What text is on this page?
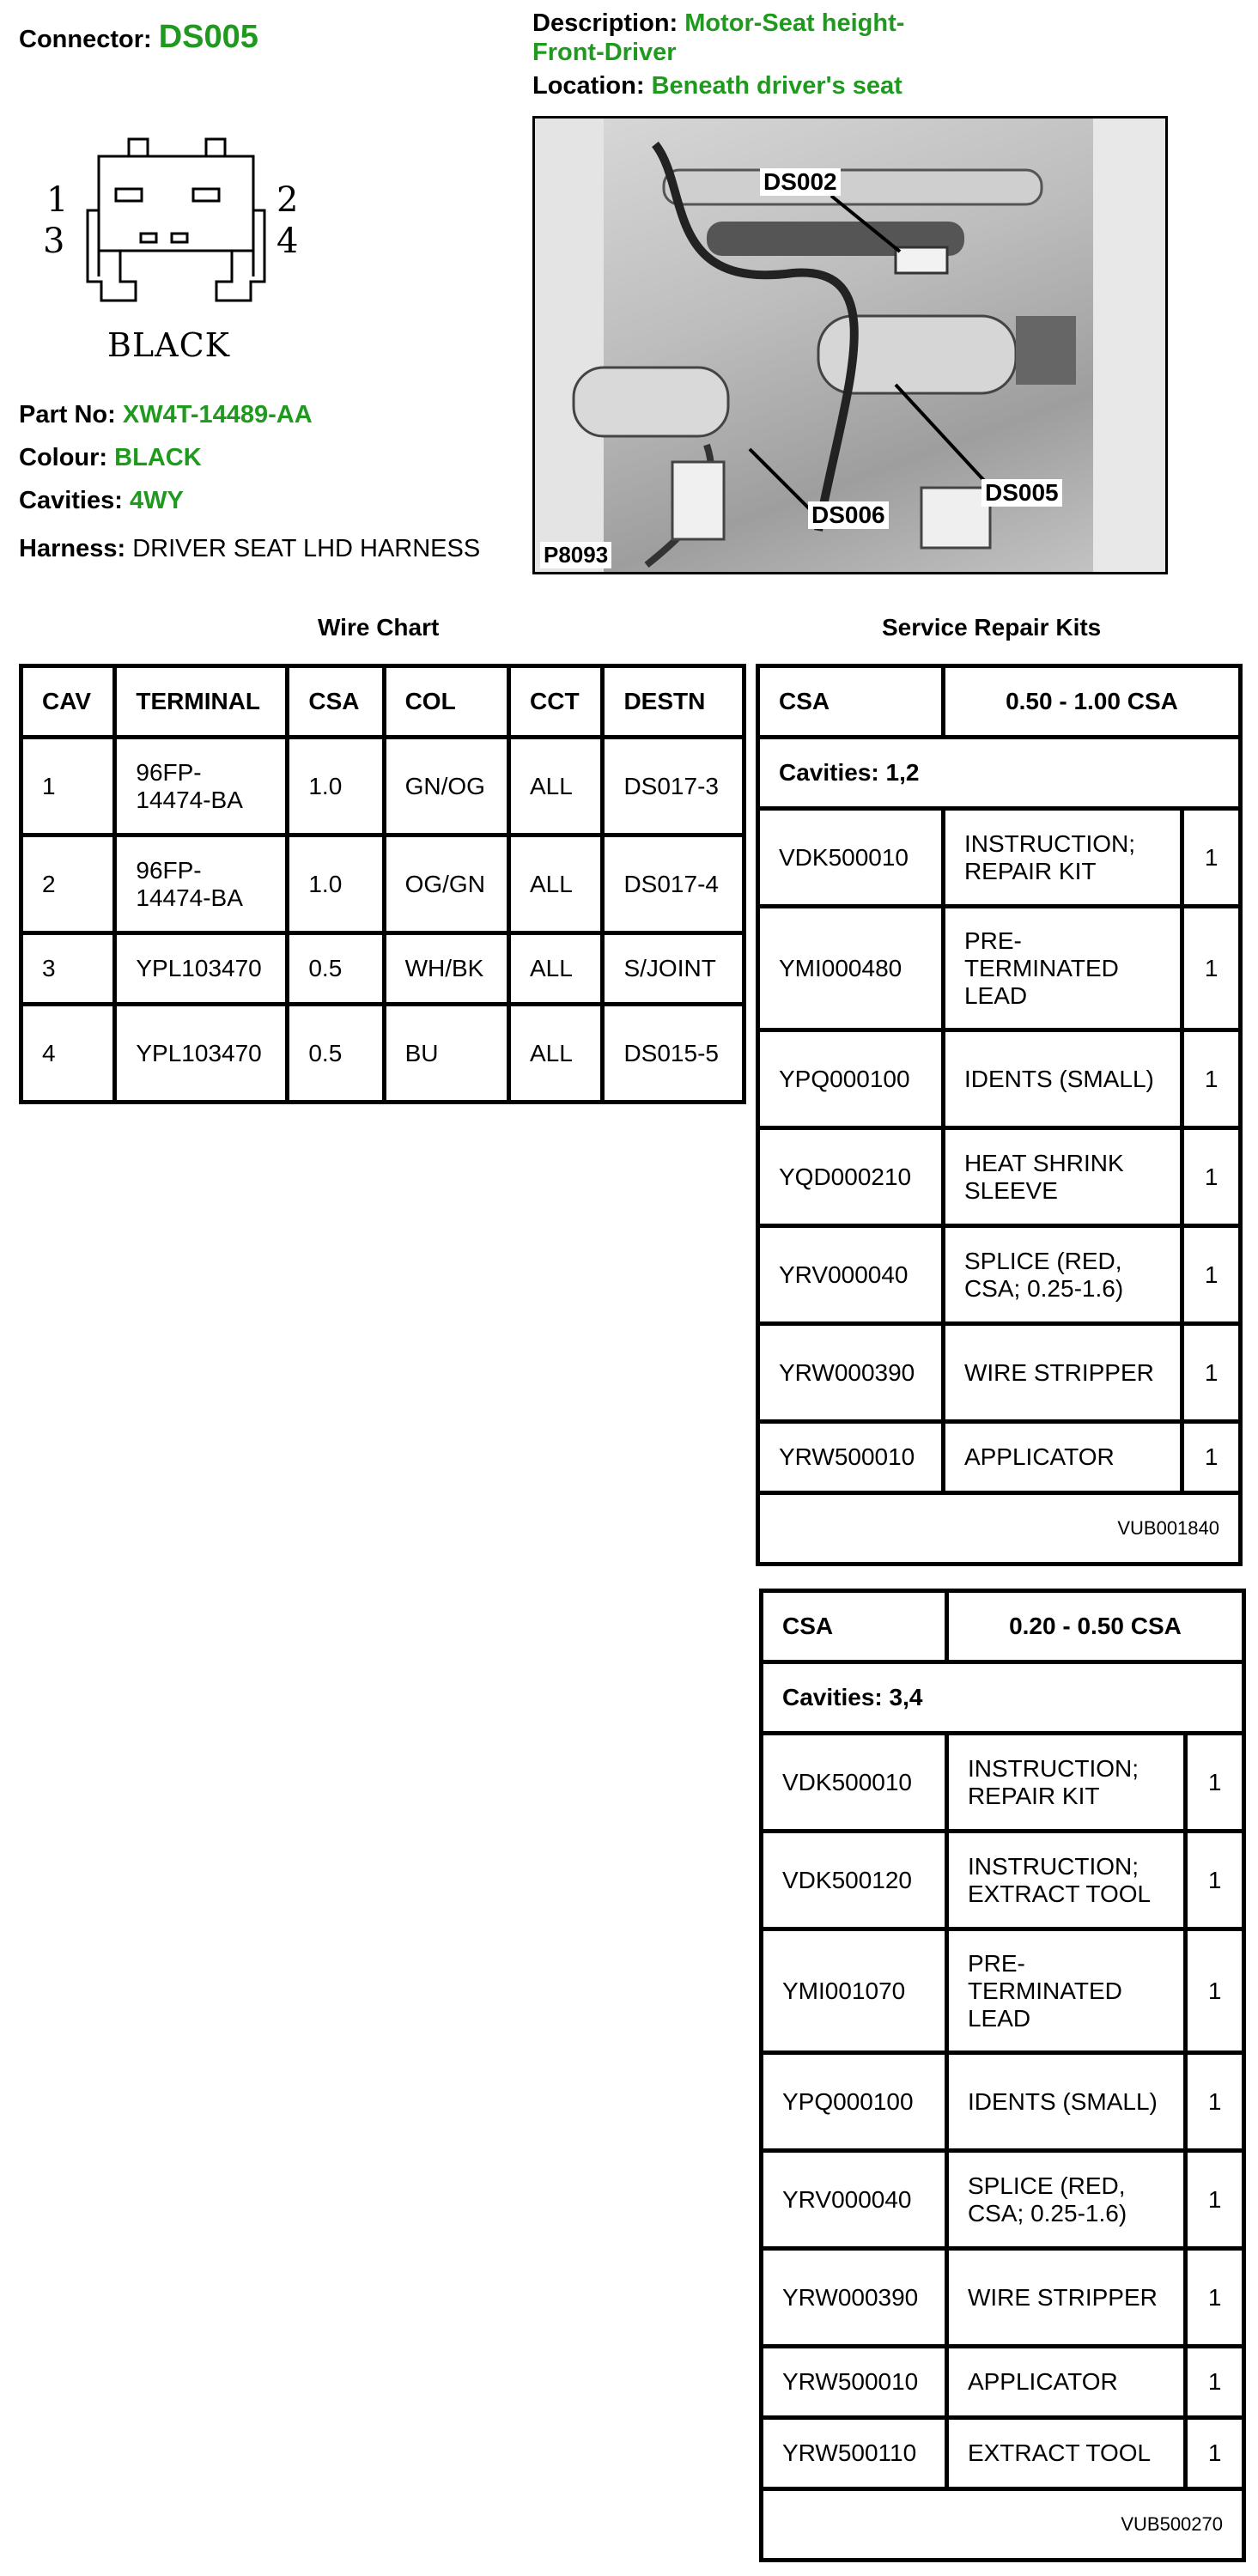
Connector: DS005	Description: Motor-Seat height-
Front-Driver
Location: Beneath driver's seat
1	2
3	4
BLACK
Part No: XW4T-14489-AA
Colour: BLACK
Cavities: 4WY
Harness: DRIVER SEAT LHD HARNESS
DS002
DS005
DS006
P8093
Wire Chart	Service Repair Kits
CAV	TERMINAL	CSA	COL	CCT	DESTN
1	96FP-14474-BA	1.0	GN/OG	ALL	DS017-3
2	96FP-14474-BA	1.0	OG/GN	ALL	DS017-4
3	YPL103470	0.5	WH/BK	ALL	S/JOINT
4	YPL103470	0.5	BU	ALL	DS015-5
CSA	0.50 - 1.00 CSA	
Cavities: 1,2		
VDK500010	INSTRUCTION; REPAIR KIT	1
YMI000480	PRE-TERMINATED LEAD	1
YPQ000100	IDENTS (SMALL)	1
YQD000210	HEAT SHRINK SLEEVE	1
YRV000040	SPLICE (RED, CSA; 0.25-1.6)	1
YRW000390	WIRE STRIPPER	1
YRW500010	APPLICATOR	1
VUB001840		
CSA	0.20 - 0.50 CSA	
Cavities: 3,4		
VDK500010	INSTRUCTION; REPAIR KIT	1
VDK500120	INSTRUCTION; EXTRACT TOOL	1
YMI001070	PRE-TERMINATED LEAD	1
YPQ000100	IDENTS (SMALL)	1
YRV000040	SPLICE (RED, CSA; 0.25-1.6)	1
YRW000390	WIRE STRIPPER	1
YRW500010	APPLICATOR	1
YRW500110	EXTRACT TOOL	1
VUB500270		
